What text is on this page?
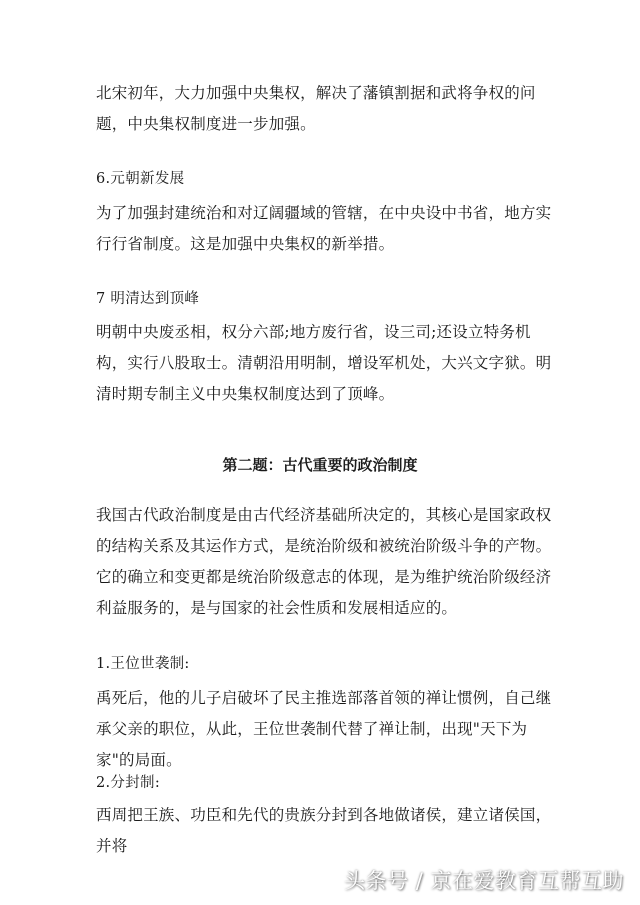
北宋初年，大力加强中央集权，解决了藩镇割据和武将争权的问题，中央集权制度进一步加强。

6.元朝新发展

为了加强封建统治和对辽阔疆域的管辖，在中央设中书省，地方实行行省制度。这是加强中央集权的新举措。

7 明清达到顶峰

明朝中央废丞相，权分六部;地方废行省，设三司;还设立特务机构，实行八股取士。清朝沿用明制，增设军机处，大兴文字狱。明清时期专制主义中央集权制度达到了顶峰。

第二题：古代重要的政治制度

我国古代政治制度是由古代经济基础所决定的，其核心是国家政权的结构关系及其运作方式，是统治阶级和被统治阶级斗争的产物。它的确立和变更都是统治阶级意志的体现，是为维护统治阶级经济利益服务的，是与国家的社会性质和发展相适应的。

1.王位世袭制:

禹死后，他的儿子启破坏了民主推选部落首领的禅让惯例，自己继承父亲的职位，从此，王位世袭制代替了禅让制，出现"天下为家"的局面。

2.分封制:

西周把王族、功臣和先代的贵族分封到各地做诸侯，建立诸侯国，并将

头条号 / 京在爱教育互帮互助
